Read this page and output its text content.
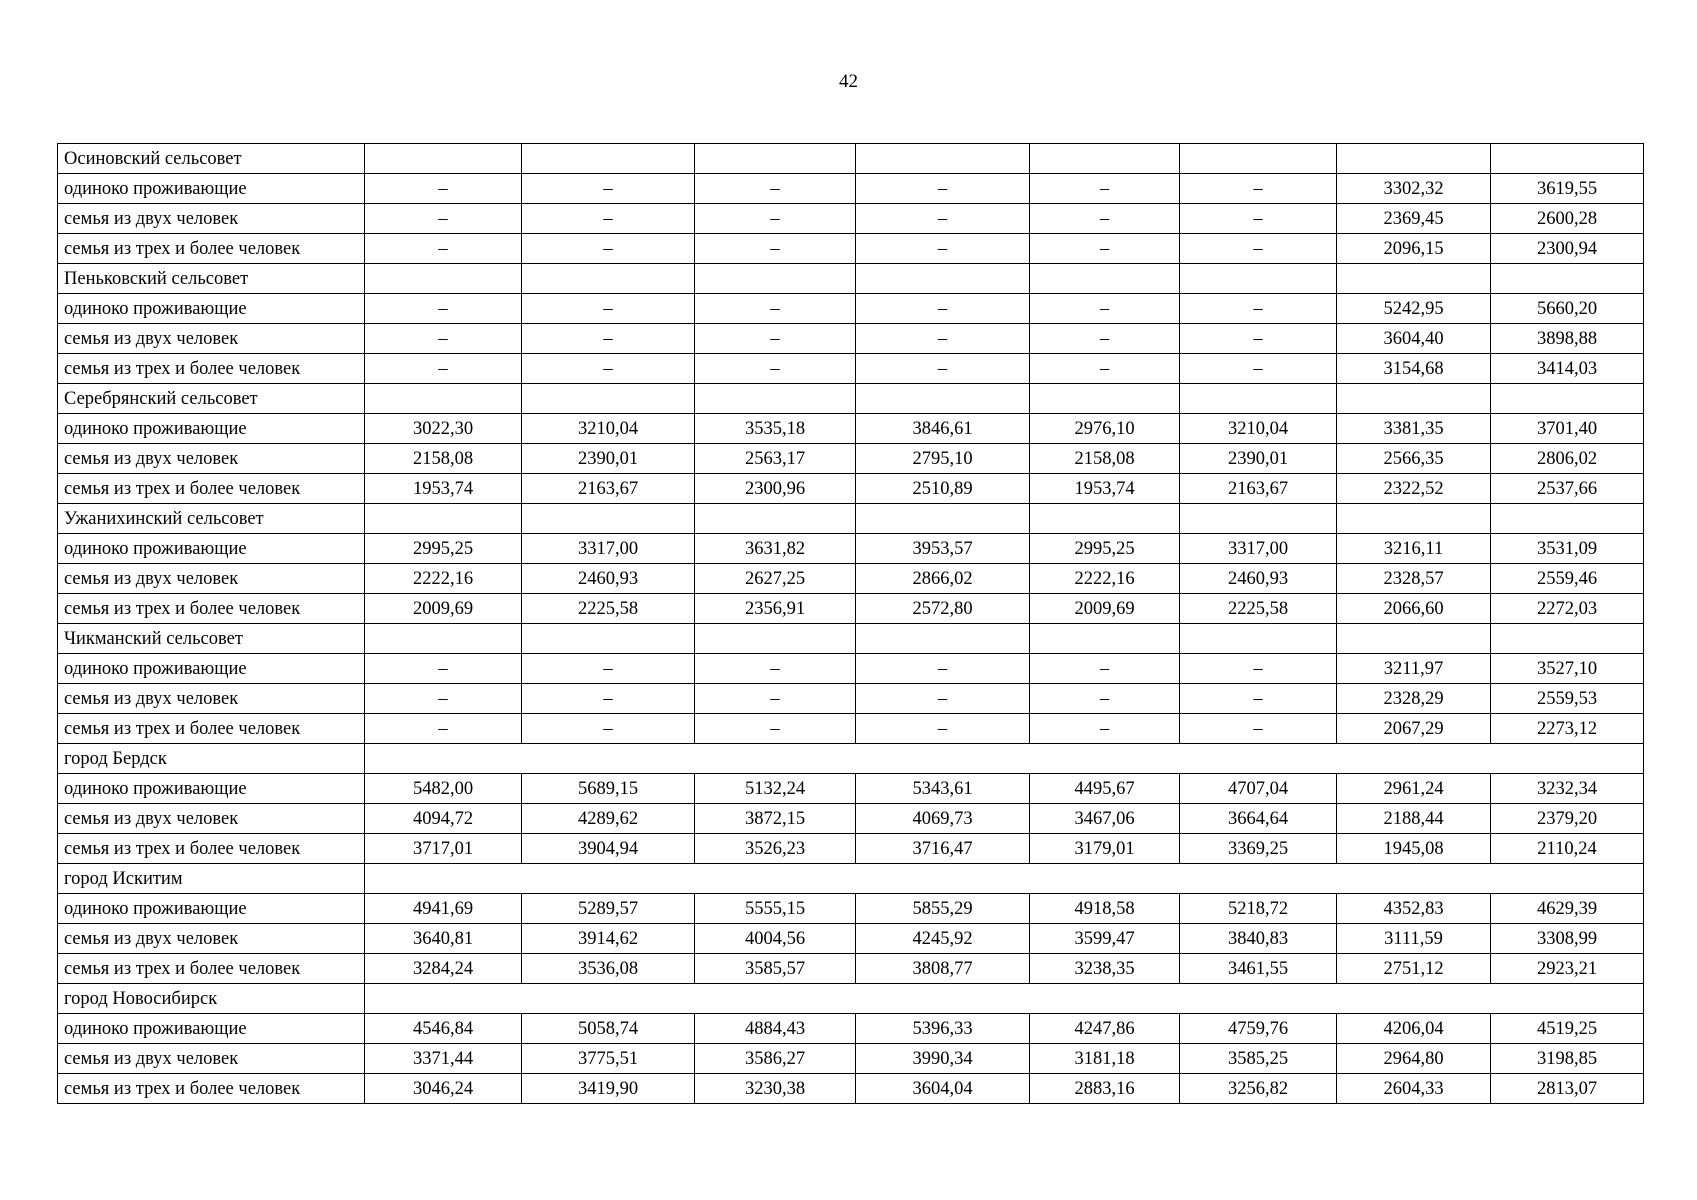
42
Осиновский сельсовет								
одиноко проживающие	–	–	–	–	–	–	3302,32	3619,55
семья из двух человек	–	–	–	–	–	–	2369,45	2600,28
семья из трех и более человек	–	–	–	–	–	–	2096,15	2300,94
Пеньковский сельсовет								
одиноко проживающие	–	–	–	–	–	–	5242,95	5660,20
семья из двух человек	–	–	–	–	–	–	3604,40	3898,88
семья из трех и более человек	–	–	–	–	–	–	3154,68	3414,03
Серебрянский сельсовет								
одиноко проживающие	3022,30	3210,04	3535,18	3846,61	2976,10	3210,04	3381,35	3701,40
семья из двух человек	2158,08	2390,01	2563,17	2795,10	2158,08	2390,01	2566,35	2806,02
семья из трех и более человек	1953,74	2163,67	2300,96	2510,89	1953,74	2163,67	2322,52	2537,66
Ужанихинский сельсовет								
одиноко проживающие	2995,25	3317,00	3631,82	3953,57	2995,25	3317,00	3216,11	3531,09
семья из двух человек	2222,16	2460,93	2627,25	2866,02	2222,16	2460,93	2328,57	2559,46
семья из трех и более человек	2009,69	2225,58	2356,91	2572,80	2009,69	2225,58	2066,60	2272,03
Чикманский сельсовет								
одиноко проживающие	–	–	–	–	–	–	3211,97	3527,10
семья из двух человек	–	–	–	–	–	–	2328,29	2559,53
семья из трех и более человек	–	–	–	–	–	–	2067,29	2273,12
город Бердск								
одиноко проживающие	5482,00	5689,15	5132,24	5343,61	4495,67	4707,04	2961,24	3232,34
семья из двух человек	4094,72	4289,62	3872,15	4069,73	3467,06	3664,64	2188,44	2379,20
семья из трех и более человек	3717,01	3904,94	3526,23	3716,47	3179,01	3369,25	1945,08	2110,24
город Искитим								
одиноко проживающие	4941,69	5289,57	5555,15	5855,29	4918,58	5218,72	4352,83	4629,39
семья из двух человек	3640,81	3914,62	4004,56	4245,92	3599,47	3840,83	3111,59	3308,99
семья из трех и более человек	3284,24	3536,08	3585,57	3808,77	3238,35	3461,55	2751,12	2923,21
город Новосибирск								
одиноко проживающие	4546,84	5058,74	4884,43	5396,33	4247,86	4759,76	4206,04	4519,25
семья из двух человек	3371,44	3775,51	3586,27	3990,34	3181,18	3585,25	2964,80	3198,85
семья из трех и более человек	3046,24	3419,90	3230,38	3604,04	2883,16	3256,82	2604,33	2813,07
